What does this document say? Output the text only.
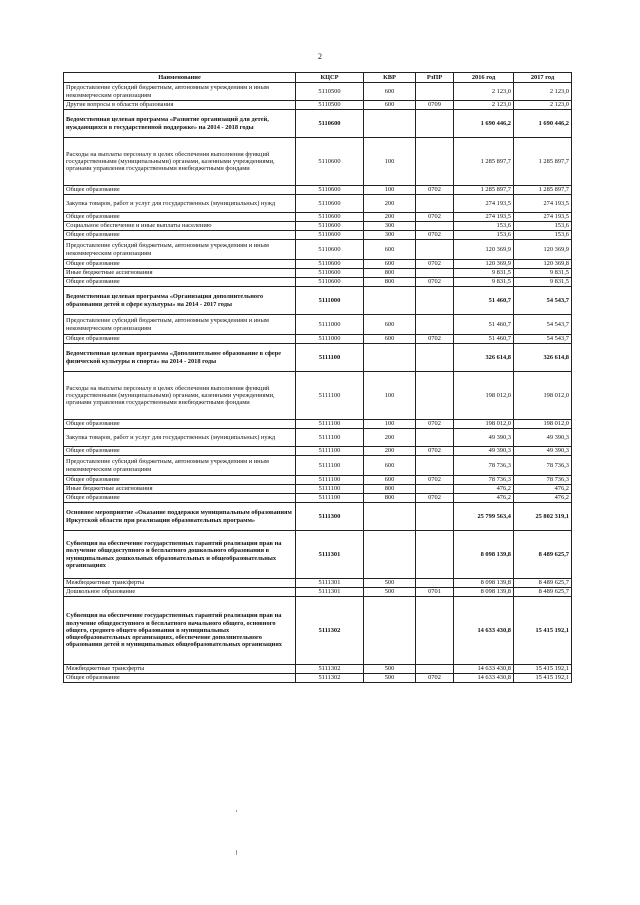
2
Наименование	КЦСР	КВР	РзПР	2016 год	2017 год
Предоставление субсидий бюджетным, автономным учреждениям и иным некоммерческим организациям	5110500	600		2 123,0	2 123,0
Другие вопросы в области образования	5110500	600	0709	2 123,0	2 123,0
Ведомственная целевая программа «Развитие организаций для детей, нуждающихся в государственной поддержке» на 2014 - 2018 годы	5110600			1 690 446,2	1 690 446,2
Расходы на выплаты персоналу в целях обеспечения выполнения функций государственными (муниципальными) органами, казенными учреждениями, органами управления государственными внебюджетными фондами	5110600	100		1 285 897,7	1 285 897,7
Общее образование	5110600	100	0702	1 285 897,7	1 285 897,7
Закупка товаров, работ и услуг для государственных (муниципальных) нужд	5110600	200		274 193,5	274 193,5
Общее образование	5110600	200	0702	274 193,5	274 193,5
Социальное обеспечение и иные выплаты населению	5110600	300		153,6	153,6
Общее образование	5110600	300	0702	153,6	153,6
Предоставление субсидий бюджетным, автономным учреждениям и иным некоммерческим организациям	5110600	600		120 369,9	120 369,9
Общее образование	5110600	600	0702	120 369,9	120 369,8
Иные бюджетные ассигнования	5110600	800		9 831,5	9 831,5
Общее образование	5110600	800	0702	9 831,5	9 831,5
Ведомственная целевая программа «Организация дополнительного образования детей в сфере культуры» на 2014 - 2017 годы	5111000			51 460,7	54 543,7
Предоставление субсидий бюджетным, автономным учреждениям и иным некоммерческим организациям	5111000	600		51 460,7	54 543,7
Общее образование	5111000	600	0702	51 460,7	54 543,7
Ведомственная целевая программа «Дополнительное образование в сфере физической культуры и спорта» на 2014 - 2018 годы	5111100			326 614,8	326 614,8
Расходы на выплаты персоналу в целях обеспечения выполнения функций государственными (муниципальными) органами, казенными учреждениями, органами управления государственными внебюджетными фондами	5111100	100		198 012,0	198 012,0
Общее образование	5111100	100	0702	198 012,0	198 012,0
Закупка товаров, работ и услуг для государственных (муниципальных) нужд	5111100	200		49 390,3	49 390,3
Общее образование	5111100	200	0702	49 390,3	49 390,3
Предоставление субсидий бюджетным, автономным учреждениям и иным некоммерческим организациям	5111100	600		78 736,3	78 736,3
Общее образование	5111100	600	0702	78 736,3	78 736,3
Иные бюджетные ассигнования	5111100	800		476,2	476,2
Общее образование	5111100	800	0702	476,2	476,2
Основное мероприятие «Оказание поддержки муниципальным образованиям Иркутской области при реализации образовательных программ»	5111300			25 799 563,4	25 802 319,1
Субвенция на обеспечение государственных гарантий реализации прав на получение общедоступного и бесплатного дошкольного образования в муниципальных дошкольных образовательных и общеобразовательных организациях	5111301			8 098 139,8	8 489 625,7
Межбюджетные трансферты	5111301	500		8 098 139,8	8 489 625,7
Дошкольное образование	5111301	500	0701	8 098 139,8	8 489 625,7
Субвенция на обеспечение государственных гарантий реализации прав на получение общедоступного и бесплатного начального общего, основного общего, среднего общего образования в муниципальных общеобразовательных организациях, обеспечение дополнительного образования детей в муниципальных общеобразовательных организациях	5111302			14 633 430,8	15 415 192,1
Межбюджетные трансферты	5111302	500		14 633 430,8	15 415 192,1
Общее образование	5111302	500	0702	14 633 430,8	15 415 192,1
